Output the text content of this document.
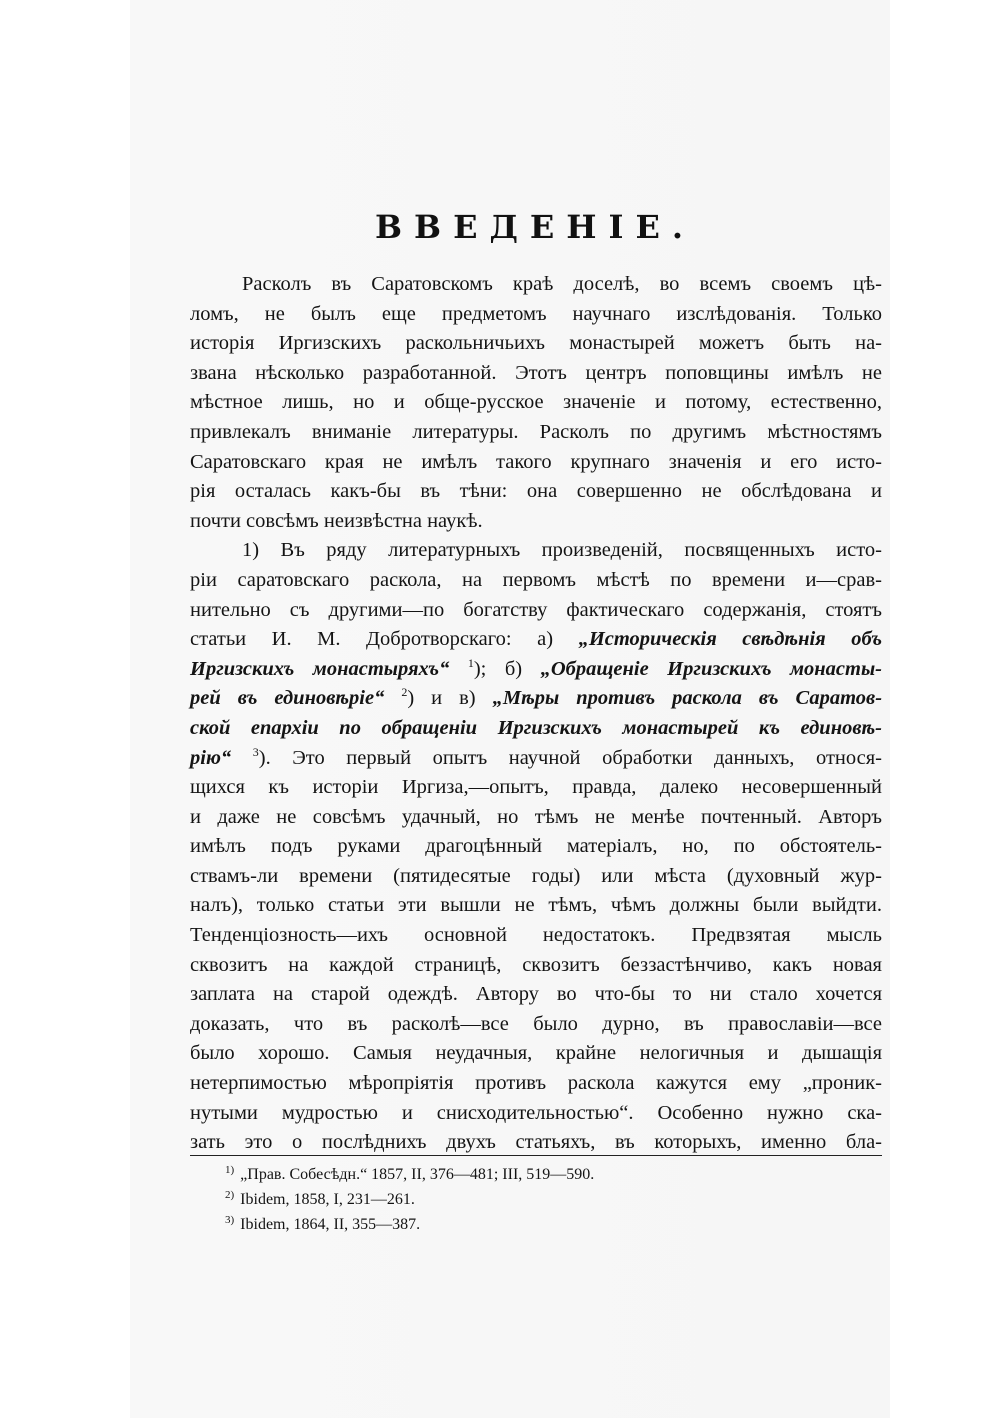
ВВЕДЕНІЕ.
Расколъ въ Саратовскомъ краѣ доселѣ, во всемъ своемъ цѣ-
ломъ, не былъ еще предметомъ научнаго изслѣдованія. Только
исторія Иргизскихъ раскольничьихъ монастырей можетъ быть на-
звана нѣсколько разработанной. Этотъ центръ поповщины имѣлъ не
мѣстное лишь, но и обще-русское значеніе и потому, естественно,
привлекалъ вниманіе литературы. Расколъ по другимъ мѣстностямъ
Саратовскаго края не имѣлъ такого крупнаго значенія и его исто-
рія осталась какъ-бы въ тѣни: она совершенно не обслѣдована и
почти совсѣмъ неизвѣстна наукѣ.
1) Въ ряду литературныхъ произведеній, посвященныхъ исто-
ріи саратовскаго раскола, на первомъ мѣстѣ по времени и—срав-
нительно съ другими—по богатству фактическаго содержанія, стоятъ
статьи И. М. Добротворскаго: а) „Историческія свѣдѣнія объ
Иргизскихъ монастыряхъ“ $^1$); б) „Обращеніе Иргизскихъ монасты-
рей въ единовѣріе“ $^2$) и в) „Мѣры противъ раскола въ Саратов-
ской епархіи по обращеніи Иргизскихъ монастырей къ единовѣ-
рію“ $^3$). Это первый опытъ научной обработки данныхъ, относя-
щихся къ исторіи Иргиза,—опытъ, правда, далеко несовершенный
и даже не совсѣмъ удачный, но тѣмъ не менѣе почтенный. Авторъ
имѣлъ подъ руками драгоцѣнный матеріалъ, но, по обстоятель-
ствамъ-ли времени (пятидесятые годы) или мѣста (духовный жур-
налъ), только статьи эти вышли не тѣмъ, чѣмъ должны были выйдти.
Тенденціозность—ихъ основной недостатокъ. Предвзятая мысль
сквозитъ на каждой страницѣ, сквозитъ беззастѣнчиво, какъ новая
заплата на старой одеждѣ. Автору во что-бы то ни стало хочется
доказать, что въ расколѣ—все было дурно, въ православіи—все
было хорошо. Самыя неудачныя, крайне нелогичныя и дышащія
нетерпимостью мѣропріятія противъ раскола кажутся ему „проник-
нутыми мудростью и снисходительностью“. Особенно нужно ска-
зать это о послѣднихъ двухъ статьяхъ, въ которыхъ, именно бла-
$^{1)}$ „Прав. Собесѣдн.“ 1857, II, 376—481; III, 519—590.
$^{2)}$ Ibidem, 1858, I, 231—261.
$^{3)}$ Ibidem, 1864, II, 355—387.
